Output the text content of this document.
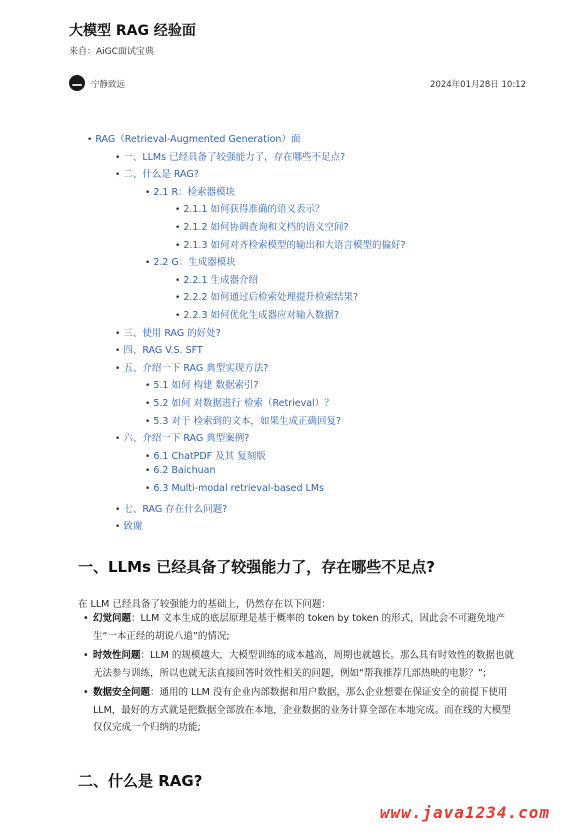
大模型 RAG 经验面
来自：AiGC面试宝典
宁静致远	2024年01月28日 10:12
• RAG（Retrieval-Augmented Generation）面
• 一、LLMs 已经具备了较强能力了，存在哪些不足点?
• 二、什么是 RAG?
• 2.1 R：检索器模块
• 2.1.1 如何获得准确的语义表示？
• 2.1.2 如何协调查询和文档的语义空间?
• 2.1.3 如何对齐检索模型的输出和大语言模型的偏好?
• 2.2 G：生成器模块
• 2.2.1 生成器介绍
• 2.2.2 如何通过后检索处理提升检索结果?
• 2.2.3 如何优化生成器应对输入数据?
• 三、使用 RAG 的好处?
• 四、RAG V.S. SFT
• 五、介绍一下 RAG 典型实现方法?
• 5.1 如何 构建 数据索引?
• 5.2 如何 对数据进行 检索（Retrieval）？
• 5.3 对于 检索到的文本，如果生成正确回复?
• 六、介绍一下 RAG 典型案例?
• 6.1 ChatPDF 及其 复刻版
• 6.2 Baichuan
• 6.3 Multi-modal retrieval-based LMs
• 七、RAG 存在什么问题?
• 致谢
一、LLMs 已经具备了较强能力了，存在哪些不足点?
在 LLM 已经具备了较强能力的基础上，仍然存在以下问题：
• 幻觉问题：LLM 文本生成的底层原理是基于概率的 token by token 的形式，因此会不可避免地产生“一本正经的胡说八道”的情况;
• 时效性问题：LLM 的规模越大，大模型训练的成本越高，周期也就越长。那么具有时效性的数据也就无法参与训练，所以也就无法直接回答时效性相关的问题，例如“帮我推荐几部热映的电影？”;
• 数据安全问题：通用的 LLM 没有企业内部数据和用户数据，那么企业想要在保证安全的前提下使用 LLM，最好的方式就是把数据全部放在本地，企业数据的业务计算全部在本地完成。而在线的大模型仅仅完成一个归纳的功能;
二、什么是 RAG?
www.java1234.com
